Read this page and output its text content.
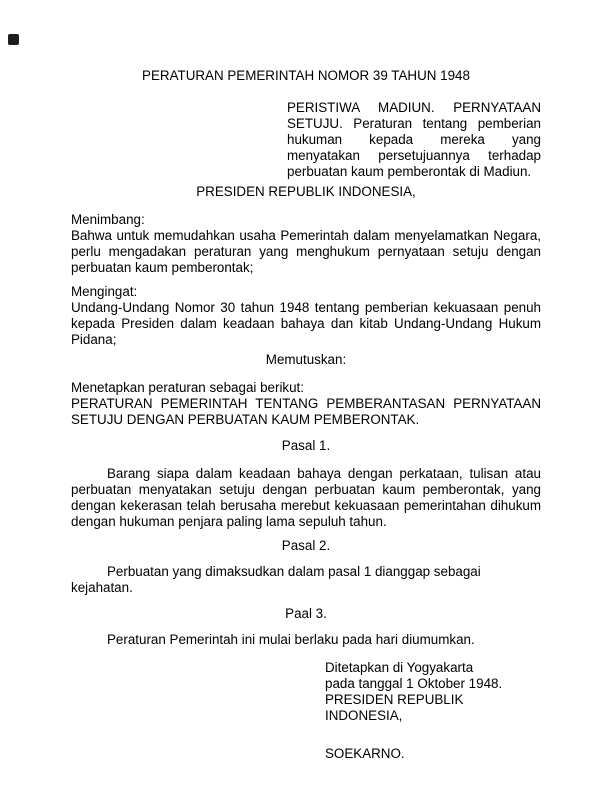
PERATURAN PEMERINTAH NOMOR 39 TAHUN 1948
PERISTIWA MADIUN. PERNYATAAN SETUJU. Peraturan tentang pemberian hukuman kepada mereka yang menyatakan persetujuannya terhadap perbuatan kaum pemberontak di Madiun.
PRESIDEN REPUBLIK INDONESIA,
Menimbang:
Bahwa untuk memudahkan usaha Pemerintah dalam menyelamatkan Negara, perlu mengadakan peraturan yang menghukum pernyataan setuju dengan perbuatan kaum pemberontak;
Mengingat:
Undang-Undang Nomor 30 tahun 1948 tentang pemberian kekuasaan penuh kepada Presiden dalam keadaan bahaya dan kitab Undang-Undang Hukum Pidana;
Memutuskan:
Menetapkan peraturan sebagai berikut:
PERATURAN PEMERINTAH TENTANG PEMBERANTASAN PERNYATAAN SETUJU DENGAN PERBUATAN KAUM PEMBERONTAK.
Pasal 1.
Barang siapa dalam keadaan bahaya dengan perkataan, tulisan atau perbuatan menyatakan setuju dengan perbuatan kaum pemberontak, yang dengan kekerasan telah berusaha merebut kekuasaan pemerintahan dihukum dengan hukuman penjara paling lama sepuluh tahun.
Pasal 2.
Perbuatan yang dimaksudkan dalam pasal 1 dianggap sebagai kejahatan.
Paal 3.
Peraturan Pemerintah ini mulai berlaku pada hari diumumkan.
Ditetapkan di Yogyakarta
pada tanggal 1 Oktober 1948.
PRESIDEN REPUBLIK INDONESIA,
SOEKARNO.
